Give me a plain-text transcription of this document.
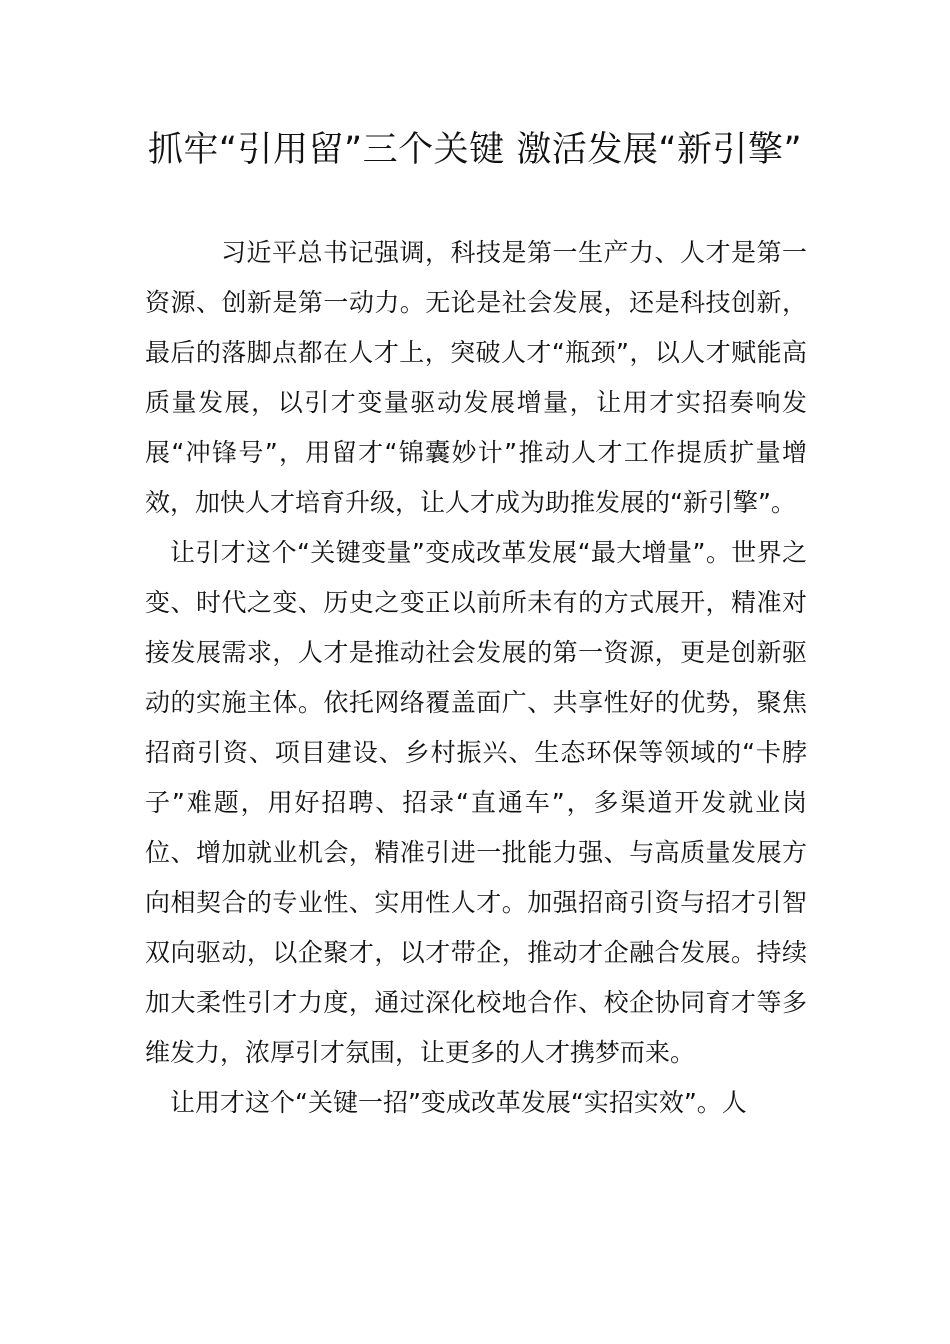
抓牢“引用留”三个关键 激活发展“新引擎”

习近平总书记强调，科技是第一生产力、人才是第一资源、创新是第一动力。无论是社会发展，还是科技创新，最后的落脚点都在人才上，突破人才“瓶颈”，以人才赋能高质量发展，以引才变量驱动发展增量，让用才实招奏响发展“冲锋号”，用留才“锦囊妙计”推动人才工作提质扩量增效，加快人才培育升级，让人才成为助推发展的“新引擎”。

让引才这个“关键变量”变成改革发展“最大增量”。世界之变、时代之变、历史之变正以前所未有的方式展开，精准对接发展需求，人才是推动社会发展的第一资源，更是创新驱动的实施主体。依托网络覆盖面广、共享性好的优势，聚焦招商引资、项目建设、乡村振兴、生态环保等领域的“卡脖子”难题，用好招聘、招录“直通车”，多渠道开发就业岗位、增加就业机会，精准引进一批能力强、与高质量发展方向相契合的专业性、实用性人才。加强招商引资与招才引智双向驱动，以企聚才，以才带企，推动才企融合发展。持续加大柔性引才力度，通过深化校地合作、校企协同育才等多维发力，浓厚引才氛围，让更多的人才携梦而来。

让用才这个“关键一招”变成改革发展“实招实效”。人
